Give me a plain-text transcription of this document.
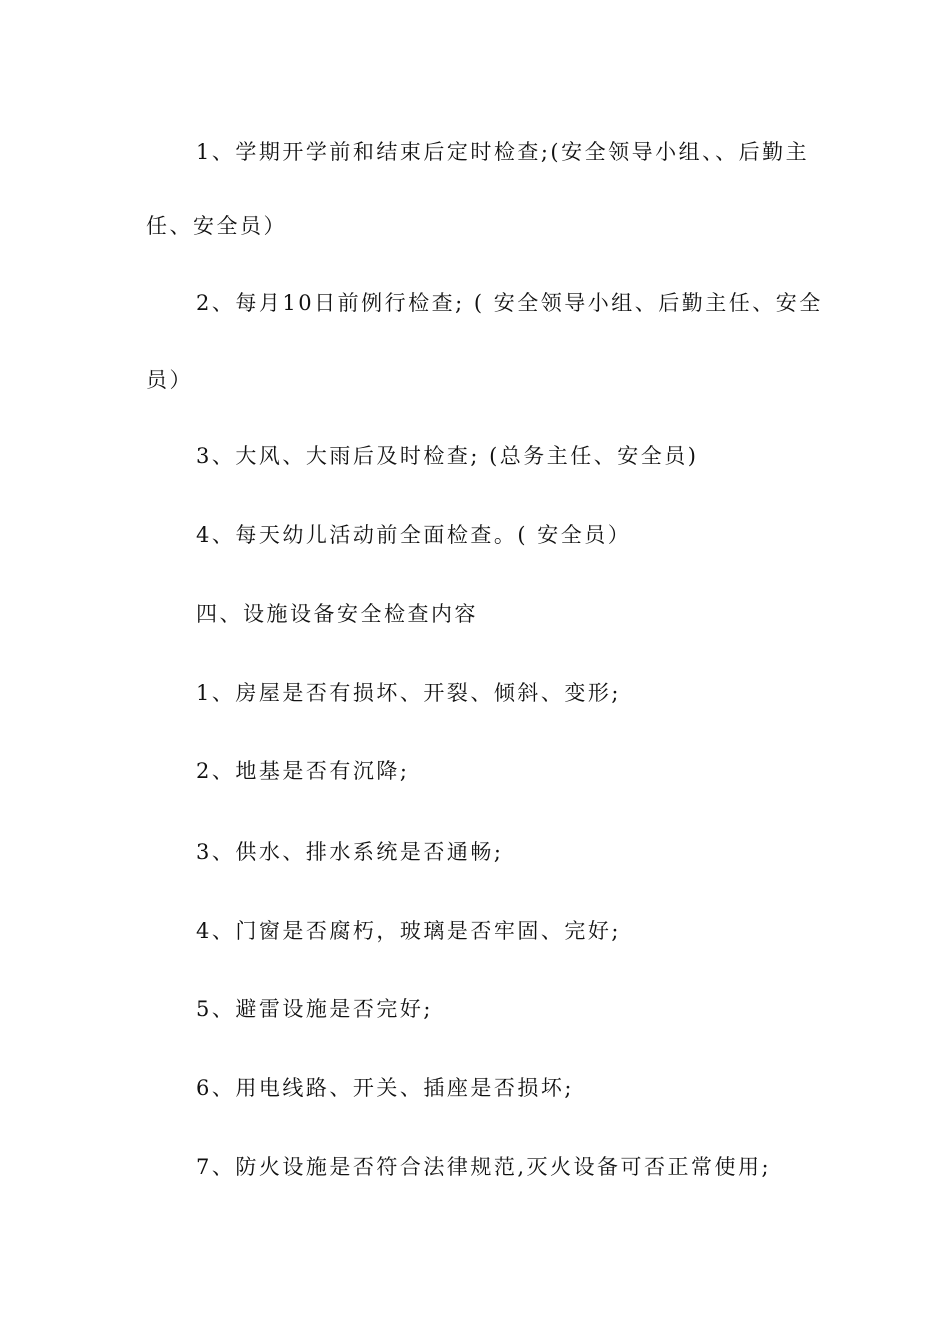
1、学期开学前和结束后定时检查;(安全领导小组、、后勤主
任、安全员）
2、每月10日前例行检查; ( 安全领导小组、后勤主任、安全
员）
3、大风、大雨后及时检查; (总务主任、安全员)
4、每天幼儿活动前全面检查。( 安全员）
四、设施设备安全检查内容
1、房屋是否有损坏、开裂、倾斜、变形;
2、地基是否有沉降;
3、供水、排水系统是否通畅;
4、门窗是否腐朽，玻璃是否牢固、完好;
5、避雷设施是否完好;
6、用电线路、开关、插座是否损坏;
7、防火设施是否符合法律规范,灭火设备可否正常使用;
